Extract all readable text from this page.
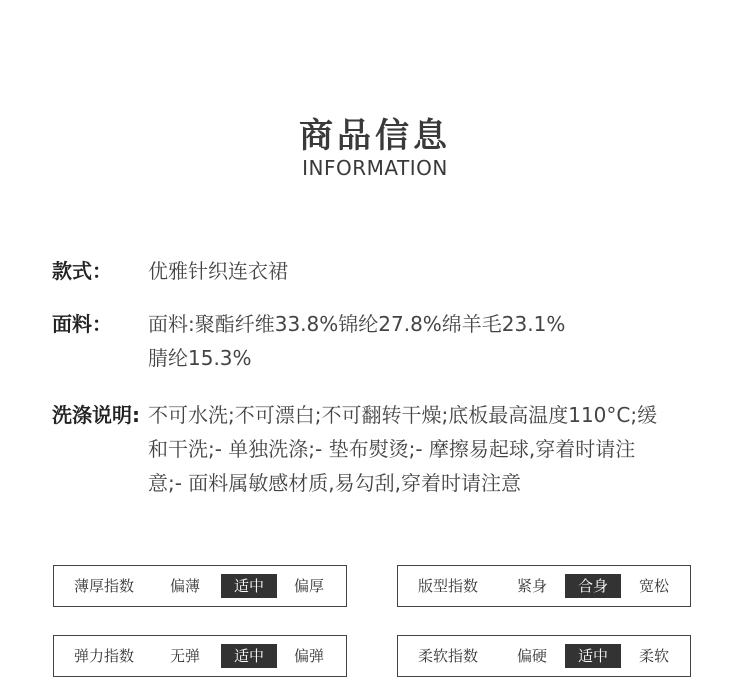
商品信息
INFORMATION
款式： 优雅针织连衣裙
面料： 面料:聚酯纤维33.8%锦纶27.8%绵羊毛23.1%
腈纶15.3%
洗涤说明: 不可水洗;不可漂白;不可翻转干燥;底板最高温度110°C;缓
和干洗;- 单独洗涤;- 垫布熨烫;- 摩擦易起球,穿着时请注
意;- 面料属敏感材质,易勾刮,穿着时请注意
薄厚指数	偏薄	适中	偏厚	版型指数	紧身	合身	宽松
弹力指数	无弹	适中	偏弹	柔软指数	偏硬	适中	柔软
